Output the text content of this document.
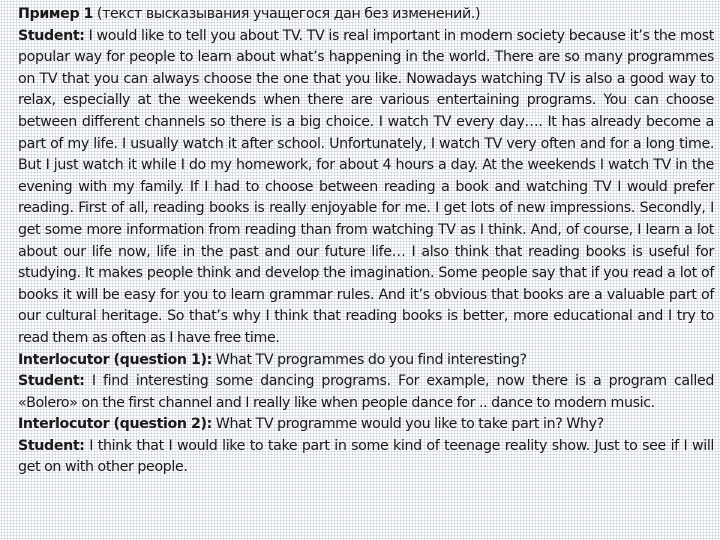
Пример 1 (текст высказывания учащегося дан без изменений.)

Student: I would like to tell you about TV. TV is real important in modern society because it’s the most popular way for people to learn about what’s happening in the world. There are so many programmes on TV that you can always choose the one that you like. Nowadays watching TV is also a good way to relax, especially at the weekends when there are various entertaining programs. You can choose between different channels so there is a big choice. I watch TV every day…. It has already become a part of my life. I usually watch it after school. Unfortunately, I watch TV very often and for a long time. But I just watch it while I do my homework, for about 4 hours a day. At the weekends I watch TV in the evening with my family. If I had to choose between reading a book and watching TV I would prefer reading. First of all, reading books is really enjoyable for me. I get lots of new impressions. Secondly, I get some more information from reading than from watching TV as I think. And, of course, I learn a lot about our life now, life in the past and our future life… I also think that reading books is useful for studying. It makes people think and develop the imagination. Some people say that if you read a lot of books it will be easy for you to learn grammar rules. And it’s obvious that books are a valuable part of our cultural heritage. So that’s why I think that reading books is better, more educational and I try to read them as often as I have free time.

Interlocutor (question 1): What TV programmes do you find interesting?

Student: I find interesting some dancing programs. For example, now there is a program called «Bolero» on the first channel and I really like when people dance for .. dance to modern music.

Interlocutor (question 2): What TV programme would you like to take part in? Why?

Student: I think that I would like to take part in some kind of teenage reality show. Just to see if I will get on with other people.
